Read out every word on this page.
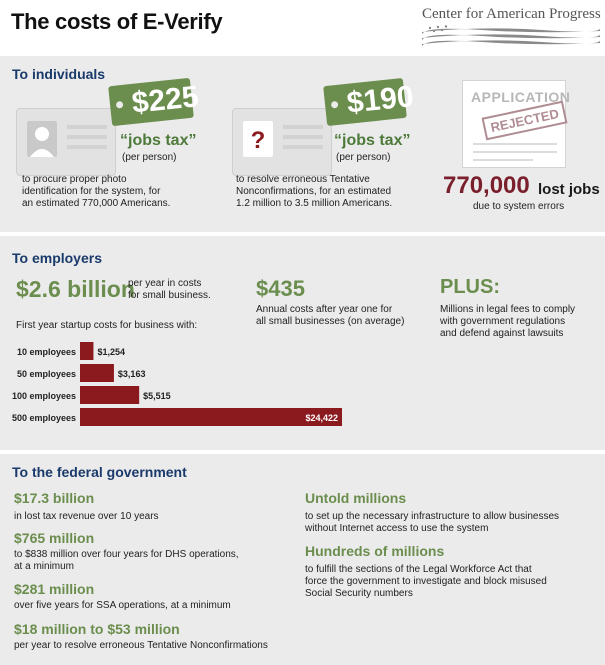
The costs of E-Verify	Center for American Progress
To individuals
$225
“jobs tax”
(per person)
to procure proper photo
identification for the system, for
an estimated 770,000 Americans.
?
$190
“jobs tax”
(per person)
to resolve erroneous Tentative
Nonconfirmations, for an estimated
1.2 million to 3.5 million Americans.
APPLICATION
REJECTED
770,000 lost jobs
due to system errors
To employers
$2.6 billion
per year in costs
for small business.
First year startup costs for business with:
$435
Annual costs after year one for
all small businesses (on average)
PLUS:
Millions in legal fees to comply
with government regulations
and defend against lawsuits
10 employees $1,254
50 employees	$3,163
100 employees	$5,515
500 employees	$24,422
To the federal government
$17.3 billion
in lost tax revenue over 10 years
$765 million
to $838 million over four years for DHS operations,
at a minimum
$281 million
over five years for SSA operations, at a minimum
$18 million to $53 million
per year to resolve erroneous Tentative Nonconfirmations
Untold millions
to set up the necessary infrastructure to allow businesses
without Internet access to use the system
Hundreds of millions
to fulfill the sections of the Legal Workforce Act that
force the government to investigate and block misused
Social Security numbers
